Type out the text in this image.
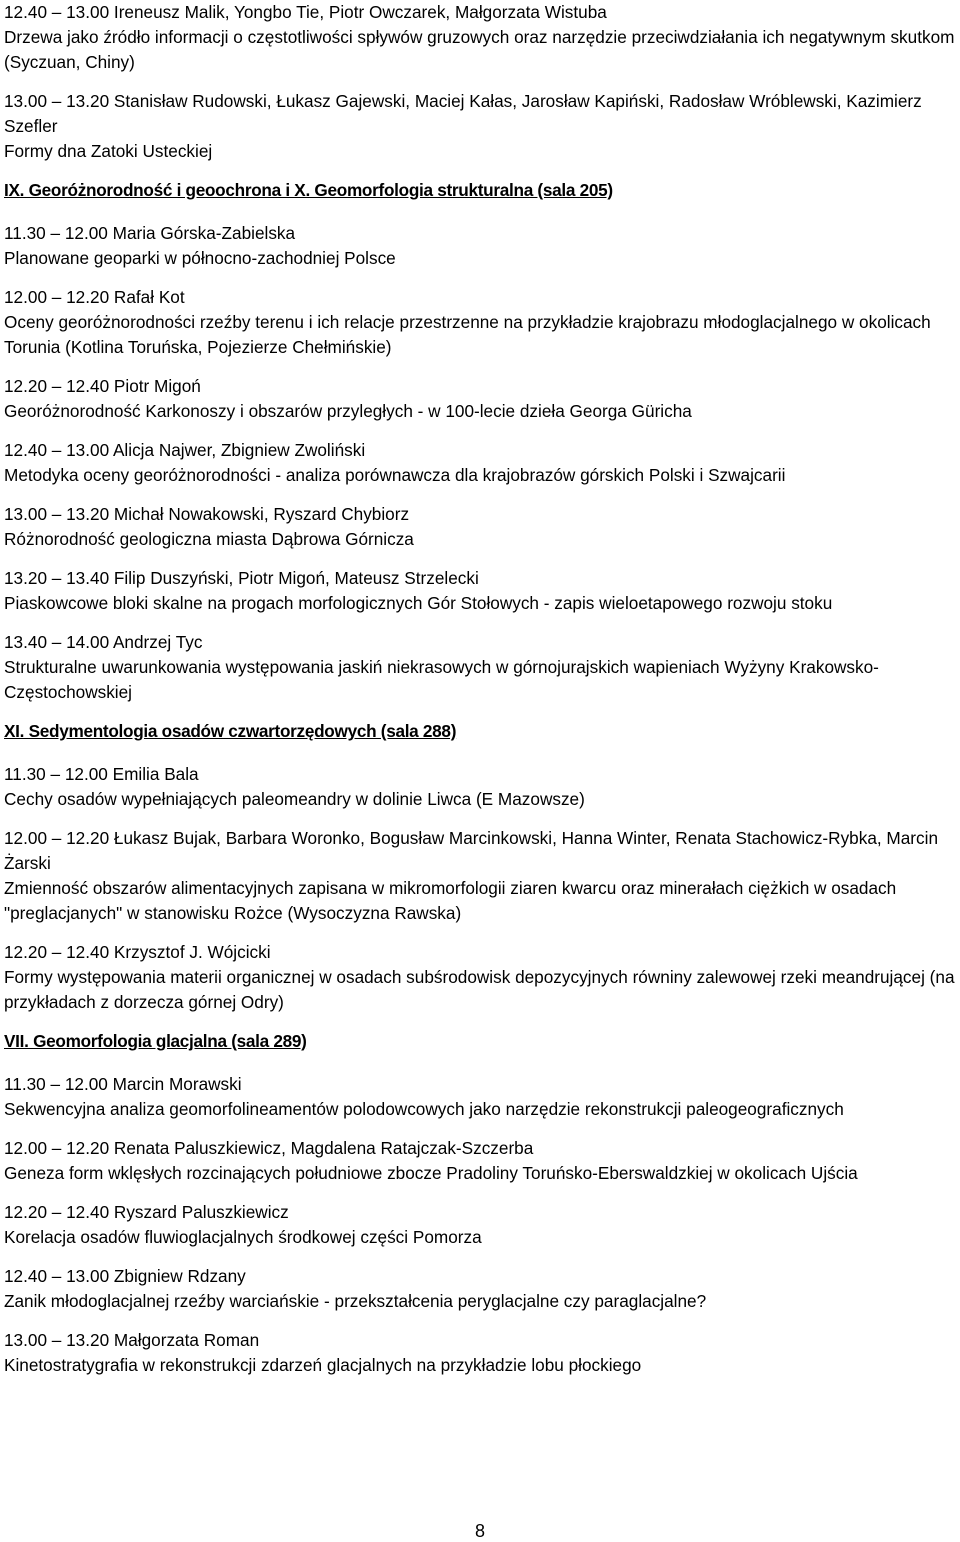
12.40 – 13.00 Ireneusz Malik, Yongbo Tie, Piotr Owczarek, Małgorzata Wistuba
Drzewa jako źródło informacji o częstotliwości spływów gruzowych oraz narzędzie przeciwdziałania ich negatywnym skutkom (Syczuan, Chiny)
13.00 – 13.20 Stanisław Rudowski, Łukasz Gajewski, Maciej Kałas, Jarosław Kapiński, Radosław Wróblewski, Kazimierz Szefler
Formy dna Zatoki Usteckiej
IX. Georóżnorodność i geoochrona i X. Geomorfologia strukturalna (sala 205)
11.30 – 12.00 Maria Górska-Zabielska
Planowane geoparki w północno-zachodniej Polsce
12.00 – 12.20 Rafał Kot
Oceny georóżnorodności rzeźby terenu i ich relacje przestrzenne na przykładzie krajobrazu młodoglacjalnego w okolicach Torunia (Kotlina Toruńska, Pojezierze Chełmińskie)
12.20 – 12.40 Piotr Migoń
Georóżnorodność Karkonoszy i obszarów przyległych - w 100-lecie dzieła Georga Güricha
12.40 – 13.00 Alicja Najwer, Zbigniew Zwoliński
Metodyka oceny georóżnorodności - analiza porównawcza dla krajobrazów górskich Polski i Szwajcarii
13.00 – 13.20 Michał Nowakowski, Ryszard Chybiorz
Różnorodność geologiczna miasta Dąbrowa Górnicza
13.20 – 13.40 Filip Duszyński, Piotr Migoń, Mateusz Strzelecki
Piaskowcowe bloki skalne na progach morfologicznych Gór Stołowych - zapis wieloetapowego rozwoju stoku
13.40 – 14.00 Andrzej Tyc
Strukturalne uwarunkowania występowania jaskiń niekrasowych w górnojurajskich wapieniach Wyżyny Krakowsko-Częstochowskiej
XI. Sedymentologia osadów czwartorzędowych (sala 288)
11.30 – 12.00 Emilia Bala
Cechy osadów wypełniających paleomeandry w dolinie Liwca (E Mazowsze)
12.00 – 12.20 Łukasz Bujak, Barbara Woronko, Bogusław Marcinkowski, Hanna Winter, Renata Stachowicz-Rybka, Marcin Żarski
Zmienność obszarów alimentacyjnych zapisana w mikromorfologii ziaren kwarcu oraz minerałach ciężkich w osadach "preglacjanych" w stanowisku Rożce (Wysoczyzna Rawska)
12.20 – 12.40 Krzysztof J. Wójcicki
Formy występowania materii organicznej w osadach subśrodowisk depozycyjnych równiny zalewowej rzeki meandrującej (na przykładach z dorzecza górnej Odry)
VII. Geomorfologia glacjalna (sala 289)
11.30 – 12.00 Marcin Morawski
Sekwencyjna analiza geomorfolineamentów polodowcowych jako narzędzie rekonstrukcji paleogeograficznych
12.00 – 12.20 Renata Paluszkiewicz, Magdalena Ratajczak-Szczerba
Geneza form wklęsłych rozcinających południowe zbocze Pradoliny Toruńsko-Eberswaldzkiej w okolicach Ujścia
12.20 – 12.40 Ryszard Paluszkiewicz
Korelacja osadów fluwioglacjalnych środkowej części Pomorza
12.40 – 13.00 Zbigniew Rdzany
Zanik młodoglacjalnej rzeźby warciańskie - przekształcenia peryglacjalne czy paraglacjalne?
13.00 – 13.20 Małgorzata Roman
Kinetostratygrafia w rekonstrukcji zdarzeń glacjalnych na przykładzie lobu płockiego
8
